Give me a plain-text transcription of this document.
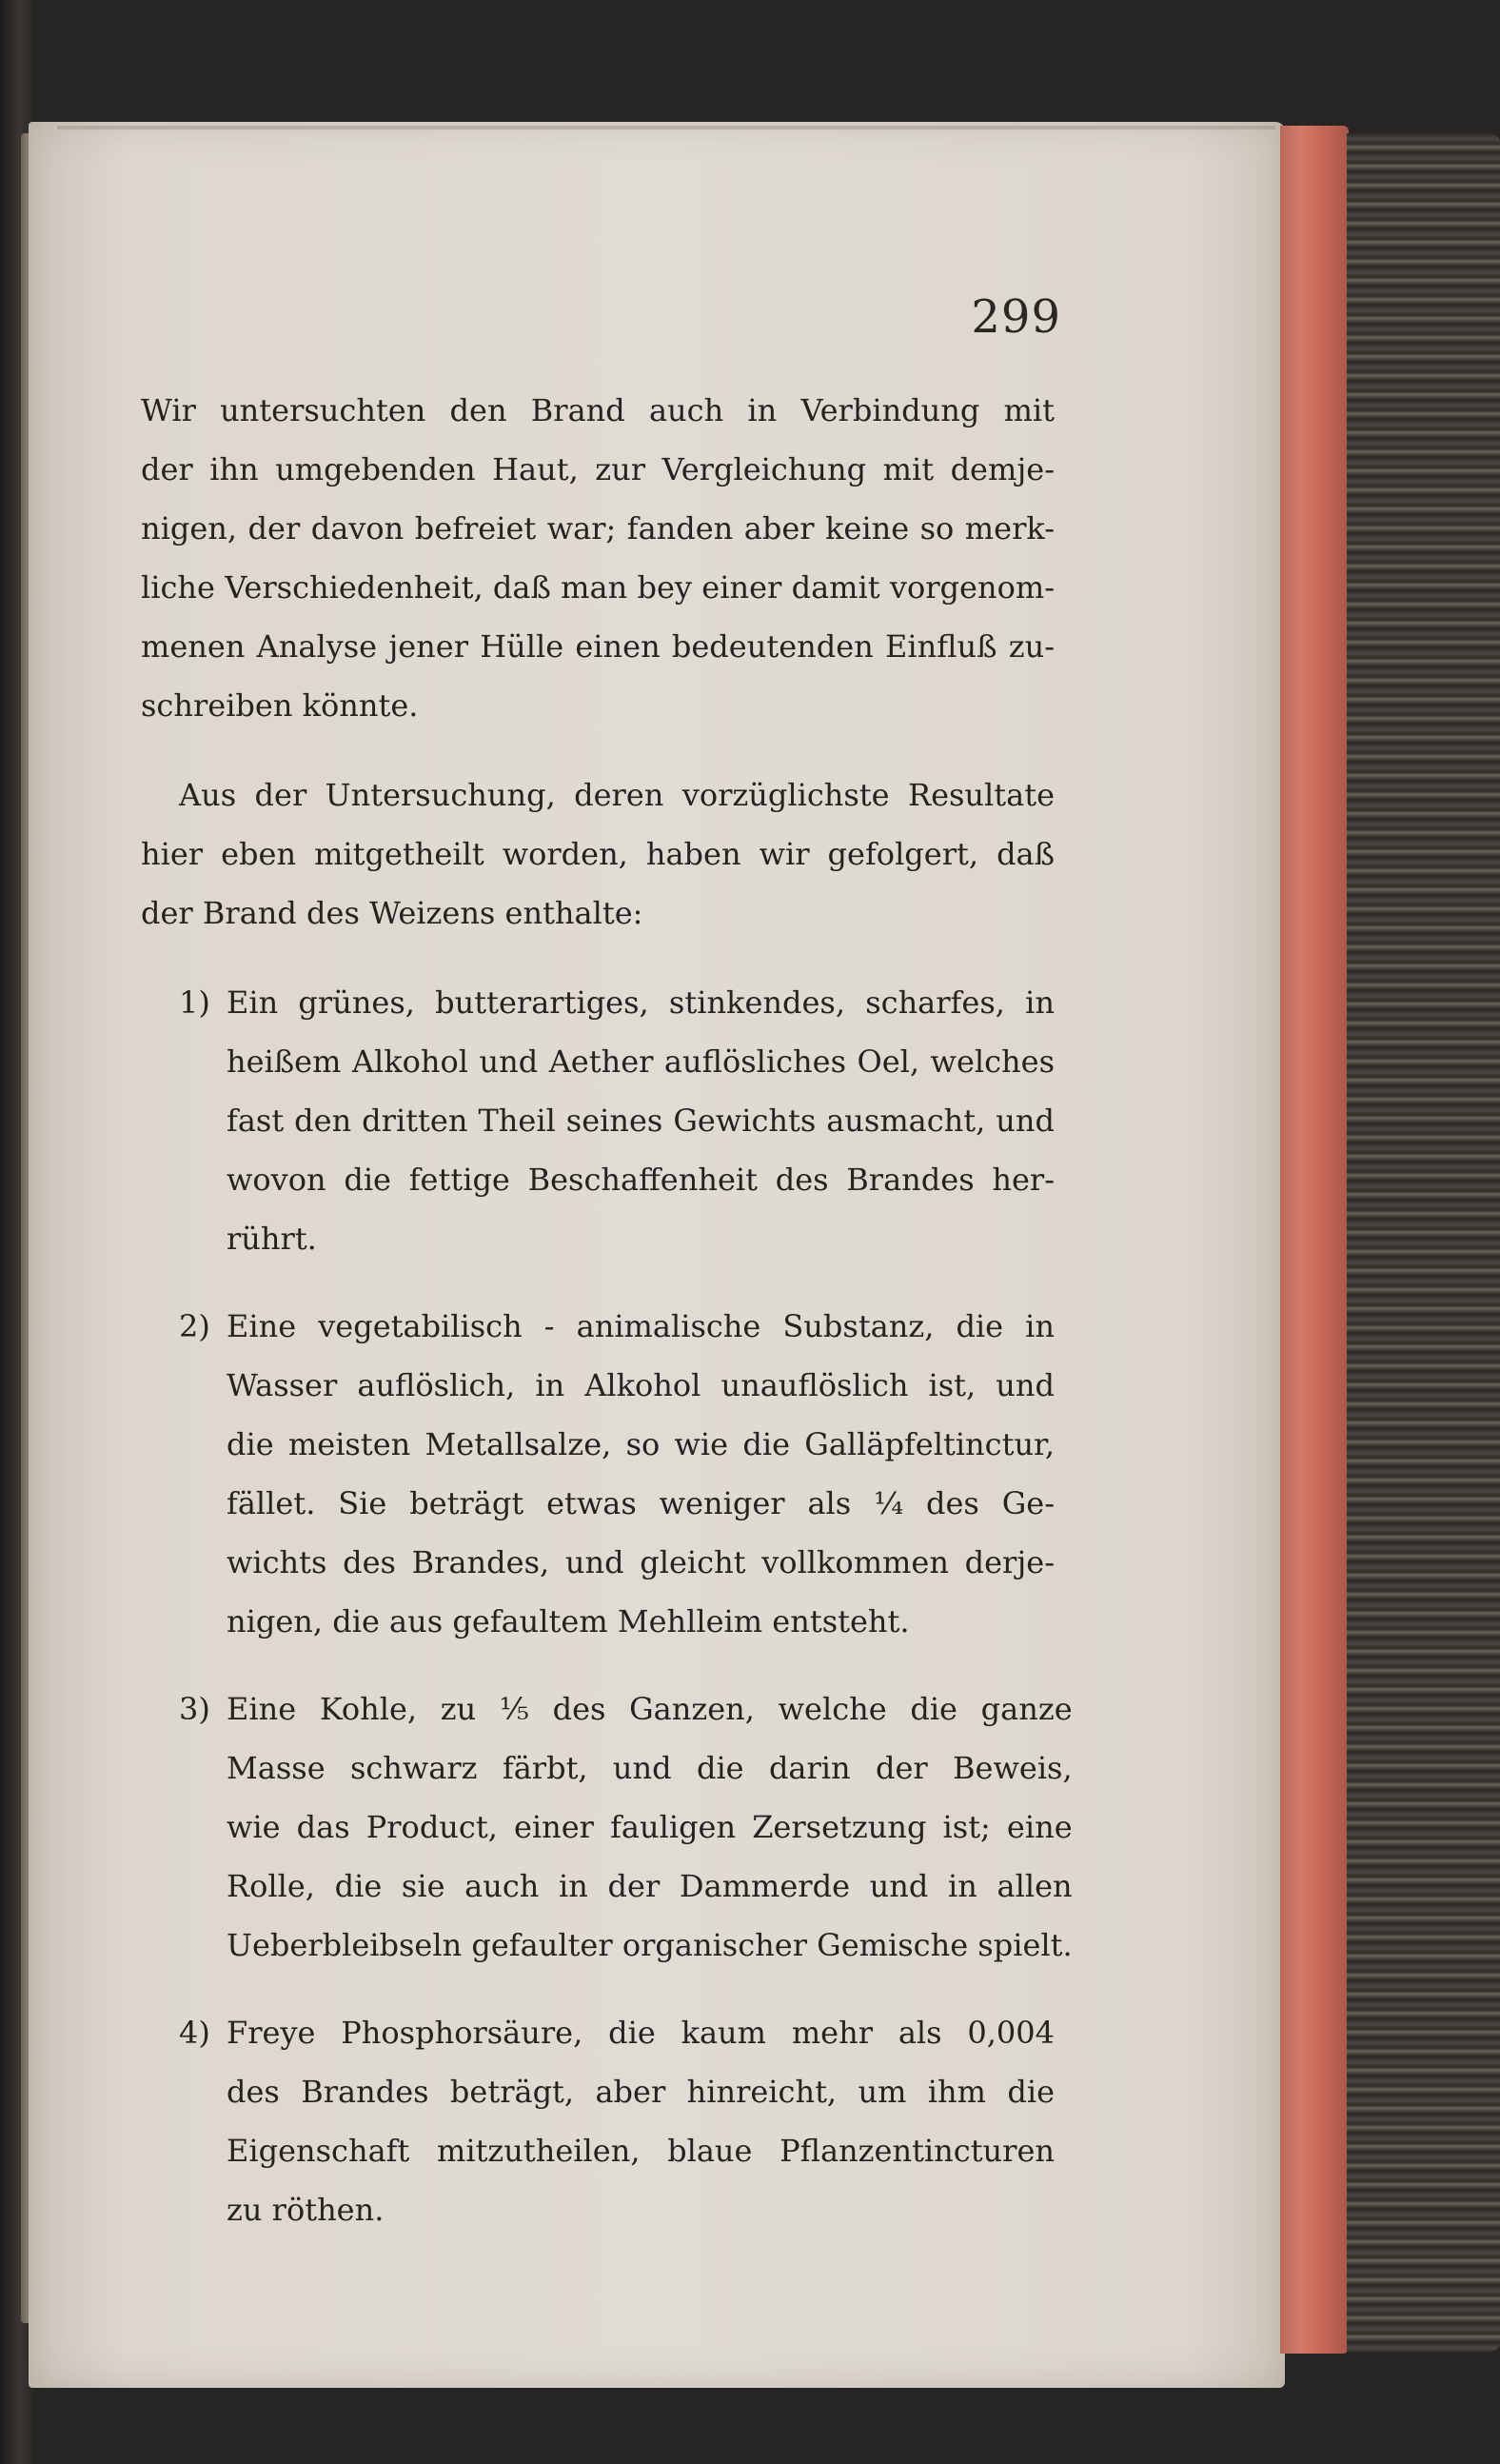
299
Wir untersuchten den Brand auch in Verbindung mit
der ihn umgebenden Haut, zur Vergleichung mit demje-
nigen, der davon befreiet war; fanden aber keine so merk-
liche Verschiedenheit, daß man bey einer damit vorgenom-
menen Analyse jener Hülle einen bedeutenden Einfluß zu-
schreiben könnte.
Aus der Untersuchung, deren vorzüglichste Resultate
hier eben mitgetheilt worden, haben wir gefolgert, daß
der Brand des Weizens enthalte:
1) Ein grünes, butterartiges, stinkendes, scharfes, in
heißem Alkohol und Aether auflösliches Oel, welches
fast den dritten Theil seines Gewichts ausmacht, und
wovon die fettige Beschaffenheit des Brandes her-
rührt.
2) Eine vegetabilisch - animalische Substanz, die in
Wasser auflöslich, in Alkohol unauflöslich ist, und
die meisten Metallsalze, so wie die Galläpfeltinctur,
fället. Sie beträgt etwas weniger als ¼ des Ge-
wichts des Brandes, und gleicht vollkommen derje-
nigen, die aus gefaultem Mehlleim entsteht.
3) Eine Kohle, zu ⅕ des Ganzen, welche die ganze
Masse schwarz färbt, und die darin der Beweis,
wie das Product, einer fauligen Zersetzung ist; eine
Rolle, die sie auch in der Dammerde und in allen
Ueberbleibseln gefaulter organischer Gemische spielt.
4) Freye Phosphorsäure, die kaum mehr als 0,004
des Brandes beträgt, aber hinreicht, um ihm die
Eigenschaft mitzutheilen, blaue Pflanzentincturen
zu röthen.
